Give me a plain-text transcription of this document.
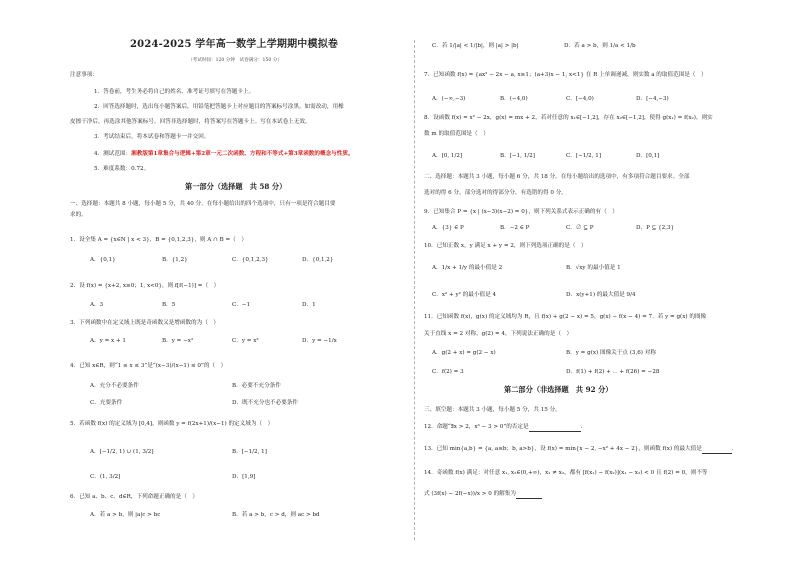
2024-2025 学年高一数学上学期期中模拟卷
（考试时间：120 分钟　试卷满分：150 分）
注意事项：
1．答卷前，考生务必将自己的姓名、准考证号填写在答题卡上。
2．回答选择题时，选出每小题答案后，用铅笔把答题卡上对应题目的答案标号涂黑。如需改动，用橡
皮擦干净后，再选涂其他答案标号。回答非选择题时，将答案写在答题卡上。写在本试卷上无效。
3．考试结束后，将本试卷和答题卡一并交回。
4．测试范围：湘教版第1章集合与逻辑+第2章一元二次函数、方程和不等式+第3章函数的概念与性质。
5．难度系数：0.72。
第一部分（选择题　共 58 分）
一、选择题：本题共 8 小题，每小题 5 分，共 40 分。在每小题给出的四个选项中，只有一项是符合题目要
求的。
1．设全集 A = {x∈N | x < 3}，B = {0,1,2,3}，则 A ∩ B =（　）
A．{0,1}	B．{1,2}	C．{0,1,2,3}	D．{0,1,2}
2．设 f(x) = {x+2, x≥0；1, x<0}，则 f[f(−1)] =（　）
A．3	B．5	C．−1	D．1
3．下列函数中在定义域上既是奇函数又是增函数的为（　）
A．y = x + 1	B．y = −x²	C．y = x³	D．y = −1/x
4．已知 x∈R，则“1 ≤ x ≤ 3”是“(x−3)/(x−1) ≤ 0”的（　）
A．充分不必要条件	B．必要不充分条件
C．充要条件	D．既不充分也不必要条件
5．若函数 f(x) 的定义域为 [0,4]，则函数 y = f(2x+1)/(x−1) 的定义域为（　）
A．[−1/2, 1) ∪ (1, 3/2]	B．[−1/2, 1]
C．(1, 3/2]	D．[1,9]
6．已知 a、b、c、d∈R，下列命题正确的是（　）
A．若 a > b，则 |a|c > bc	B．若 a > b，c > d，则 ac > bd
C．若 1/|a| < 1/|b|，则 |a| > |b|	D．若 a > b，则 1/a < 1/b
7．已知函数 f(x) = {ax² − 2x − a, x≥1；(a+3)x − 1, x<1} 在 R 上单调递减，则实数 a 的取值范围是（　）
A．(−∞,−3)	B．(−4,0)	C．[−4,0)	D．[−4,−3)
8．设函数 f(x) = x² − 2x，g(x) = mx + 2，若对任意的 x₁∈[−1,2]，存在 x₂∈[−1,2]，使得 g(x₁) = f(x₂)，则实
数 m 的取值范围是（　）
A．[0, 1/2]	B．[−1, 1/2]	C．[−1/2, 1]	D．[0,1]
二、选择题：本题共 3 小题，每小题 6 分，共 18 分。在每小题给出的选项中，有多项符合题目要求。全部
选对的得 6 分，部分选对的得部分分，有选错的得 0 分。
9．已知集合 P = {x | (x−3)(x−2) = 0}，则下列关系式表示正确的有（　）
A．{3} ∈ P	B．−2 ∈ P	C．∅ ⊆ P	D．P ⊆ {2,3}
10．已知正数 x，y 满足 x + y = 2，则下列选项正确的是（　）
A．1/x + 1/y 的最小值是 2	B．√xy 的最小值是 1
C．x² + y² 的最小值是 4	D．x(y+1) 的最大值是 9/4
11．已知函数 f(x)，g(x) 的定义域均为 R，且 f(x) + g(2 − x) = 5，g(x) − f(x − 4) = 7．若 y = g(x) 的图像
关于直线 x = 2 对称，g(2) = 4，下列说法正确的是（　）
A．g(2 + x) = g(2 − x)	B．y = g(x) 图像关于点 (3,6) 对称
C．f(2) = 3	D．f(1) + f(2) + ⋯ + f(26) = −28
第二部分（非选择题　共 92 分）
三、填空题：本题共 3 小题，每小题 5 分，共 15 分。
12．命题“∃x > 2，x³ − 3 > 0”的否定是	．
13．已知 min{a,b} = {a, a≤b；b, a>b}，设 f(x) = min{x − 2, −x² + 4x − 2}，则函数 f(x) 的最大值是	．
14．奇函数 f(x) 满足：对任意 x₁, x₂∈(0,+∞)，x₁ ≠ x₂，都有 [f(x₁) − f(x₂)](x₁ − x₂) < 0 且 f(2) = 0，则不等
式 (3f(x) − 2f(−x))/x > 0 的解集为
